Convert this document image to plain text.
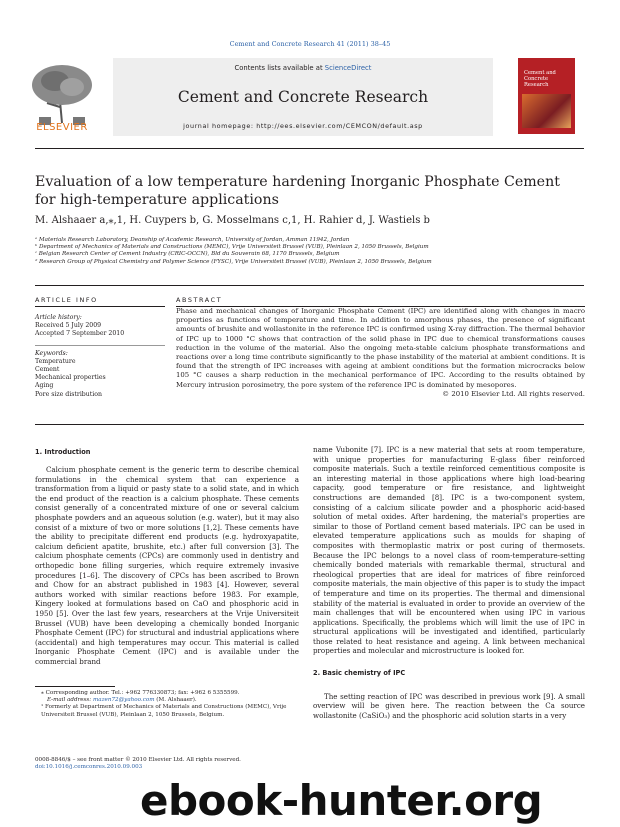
Cement and Concrete Research 41 (2011) 38–45
ELSEVIER
Contents lists available at ScienceDirect
Cement and Concrete Research
journal homepage: http://ees.elsevier.com/CEMCON/default.asp
Cement and Concrete Research
Evaluation of a low temperature hardening Inorganic Phosphate Cement for high-temperature applications
M. Alshaaer a,⁎,1, H. Cuypers b, G. Mosselmans c,1, H. Rahier d, J. Wastiels b
ᵃ Materials Research Laboratory, Deanship of Academic Research, University of Jordan, Amman 11942, Jordan
ᵇ Department of Mechanics of Materials and Constructions (MEMC), Vrije Universiteit Brussel (VUB), Pleinlaan 2, 1050 Brussels, Belgium
ᶜ Belgian Research Center of Cement Industry (CRIC-OCCN), Bld du Souverain 68, 1170 Brussels, Belgium
ᵈ Research Group of Physical Chemistry and Polymer Science (FYSC), Vrije Universiteit Brussel (VUB), Pleinlaan 2, 1050 Brussels, Belgium
ARTICLE INFO	ABSTRACT
Article history:
Received 5 July 2009
Accepted 7 September 2010
Keywords:
Temperature
Cement
Mechanical properties
Aging
Pore size distribution
Phase and mechanical changes of Inorganic Phosphate Cement (IPC) are identified along with changes in macro properties as functions of temperature and time. In addition to amorphous phases, the presence of significant amounts of brushite and wollastonite in the reference IPC is confirmed using X-ray diffraction. The thermal behavior of IPC up to 1000 °C shows that contraction of the solid phase in IPC due to chemical transformations causes reduction in the volume of the material. Also the ongoing meta-stable calcium phosphate transformations and reactions over a long time contribute significantly to the phase instability of the material at ambient conditions. It is found that the strength of IPC increases with ageing at ambient conditions but the formation microcracks below 105 °C causes a sharp reduction in the mechanical performance of IPC. According to the results obtained by Mercury intrusion porosimetry, the pore system of the reference IPC is dominated by mesopores.
© 2010 Elsevier Ltd. All rights reserved.
1. Introduction

Calcium phosphate cement is the generic term to describe chemical formulations in the chemical system that can experience a transformation from a liquid or pasty state to a solid state, and in which the end product of the reaction is a calcium phosphate. These cements consist generally of a concentrated mixture of one or several calcium phosphate powders and an aqueous solution (e.g. water), but it may also consist of a mixture of two or more solutions [1,2]. These cements have the ability to precipitate different end products (e.g. hydroxyapatite, calcium deficient apatite, brushite, etc.) after full conversion [3]. The calcium phosphate cements (CPCs) are commonly used in dentistry and orthopedic bone filling surgeries, which require extremely invasive procedures [1–6]. The discovery of CPCs has been ascribed to Brown and Chow for an abstract published in 1983 [4]. However, several authors worked with similar reactions before 1983. For example, Kingery looked at formulations based on CaO and phosphoric acid in 1950 [5]. Over the last few years, researchers at the Vrije Universiteit Brussel (VUB) have been developing a chemically bonded Inorganic Phosphate Cement (IPC) for structural and industrial applications where (accidental) and high temperatures may occur. This material is called Inorganic Phosphate Cement (IPC) and is available under the commercial brand

name Vubonite [7]. IPC is a new material that sets at room temperature, with unique properties for manufacturing E-glass fiber reinforced composite materials. Such a textile reinforced cementitious composite is an interesting material in those applications where high load-bearing capacity, good temperature or fire resistance, and lightweight constructions are demanded [8]. IPC is a two-component system, consisting of a calcium silicate powder and a phosphoric acid-based solution of metal oxides. After hardening, the material's properties are similar to those of Portland cement based materials. IPC can be used in elevated temperature applications such as moulds for shaping of composites with thermoplastic matrix or post curing of thermosets. Because the IPC belongs to a novel class of room-temperature-setting chemically bonded materials with remarkable thermal, structural and rheological properties that are ideal for matrices of fibre reinforced composite materials, the main objective of this paper is to study the impact of temperature and time on its properties. The thermal and dimensional stability of the material is evaluated in order to provide an overview of the main challenges that will be encountered when using IPC in various applications. Specifically, the problems which will limit the use of IPC in structural applications will be investigated and identified, particularly those related to heat resistance and ageing. A link between mechanical properties and molecular and microstructure is looked for.
2. Basic chemistry of IPC

The setting reaction of IPC was described in previous work [9]. A small overview will be given here. The reaction between the Ca source wollastonite (CaSiO₃) and the phosphoric acid solution starts in a very

⁎ Corresponding author. Tel.: +962 776330873; fax: +962 6 5355599.
E-mail address: mazen72@yahoo.com (M. Alshaaer).
¹ Formerly at Department of Mechanics of Materials and Constructions (MEMC), Vrije Universiteit Brussel (VUB), Pleinlaan 2, 1050 Brussels, Belgium.
0008-8846/$ – see front matter © 2010 Elsevier Ltd. All rights reserved.
doi:10.1016/j.cemconres.2010.09.003
ebook-hunter.org
